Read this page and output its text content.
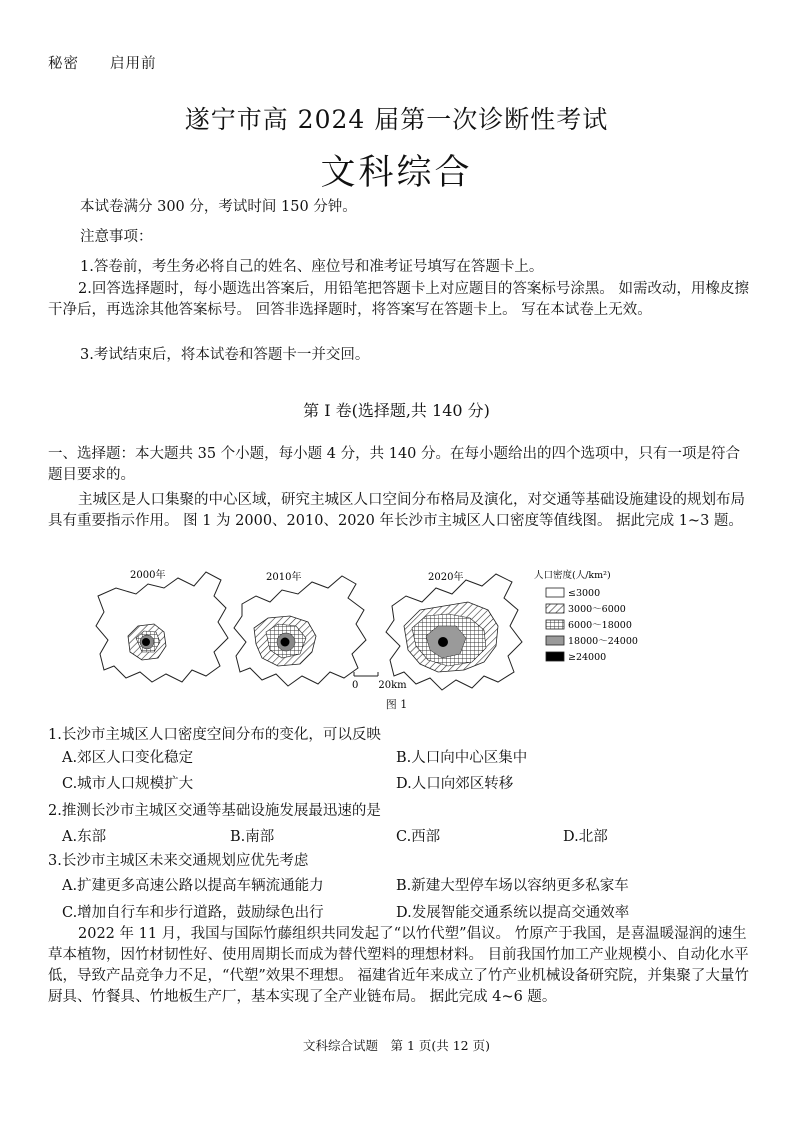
秘密　　启用前
遂宁市高 2024 届第一次诊断性考试
文科综合
本试卷满分 300 分，考试时间 150 分钟。
注意事项：
1.答卷前，考生务必将自己的姓名、座位号和准考证号填写在答题卡上。
2.回答选择题时，每小题选出答案后，用铅笔把答题卡上对应题目的答案标号涂黑。 如需改动，用橡皮擦干净后，再选涂其他答案标号。 回答非选择题时，将答案写在答题卡上。 写在本试卷上无效。
3.考试结束后，将本试卷和答题卡一并交回。
第 I 卷(选择题,共 140 分)
一、选择题：本大题共 35 个小题，每小题 4 分，共 140 分。在每小题给出的四个选项中，只有一项是符合题目要求的。
主城区是人口集聚的中心区域，研究主城区人口空间分布格局及演化，对交通等基础设施建设的规划布局具有重要指示作用。 图 1 为 2000、2010、2020 年长沙市主城区人口密度等值线图。 据此完成 1~3 题。
2000年	2010年
0　　20km
2020年	人口密度(人/km²)
≤3000
3000～6000
6000～18000
18000～24000
≥24000
图 1
1.长沙市主城区人口密度空间分布的变化，可以反映
A.郊区人口变化稳定	B.人口向中心区集中
C.城市人口规模扩大	D.人口向郊区转移
2.推测长沙市主城区交通等基础设施发展最迅速的是
A.东部	B.南部	C.西部	D.北部
3.长沙市主城区未来交通规划应优先考虑
A.扩建更多高速公路以提高车辆流通能力	B.新建大型停车场以容纳更多私家车
C.增加自行车和步行道路，鼓励绿色出行	D.发展智能交通系统以提高交通效率
2022 年 11 月，我国与国际竹藤组织共同发起了“以竹代塑”倡议。 竹原产于我国，是喜温暖湿润的速生草本植物，因竹材韧性好、使用周期长而成为替代塑料的理想材料。 目前我国竹加工产业规模小、自动化水平低，导致产品竞争力不足，“代塑”效果不理想。 福建省近年来成立了竹产业机械设备研究院，并集聚了大量竹厨具、竹餐具、竹地板生产厂，基本实现了全产业链布局。 据此完成 4~6 题。
文科综合试题　第 1 页(共 12 页)
